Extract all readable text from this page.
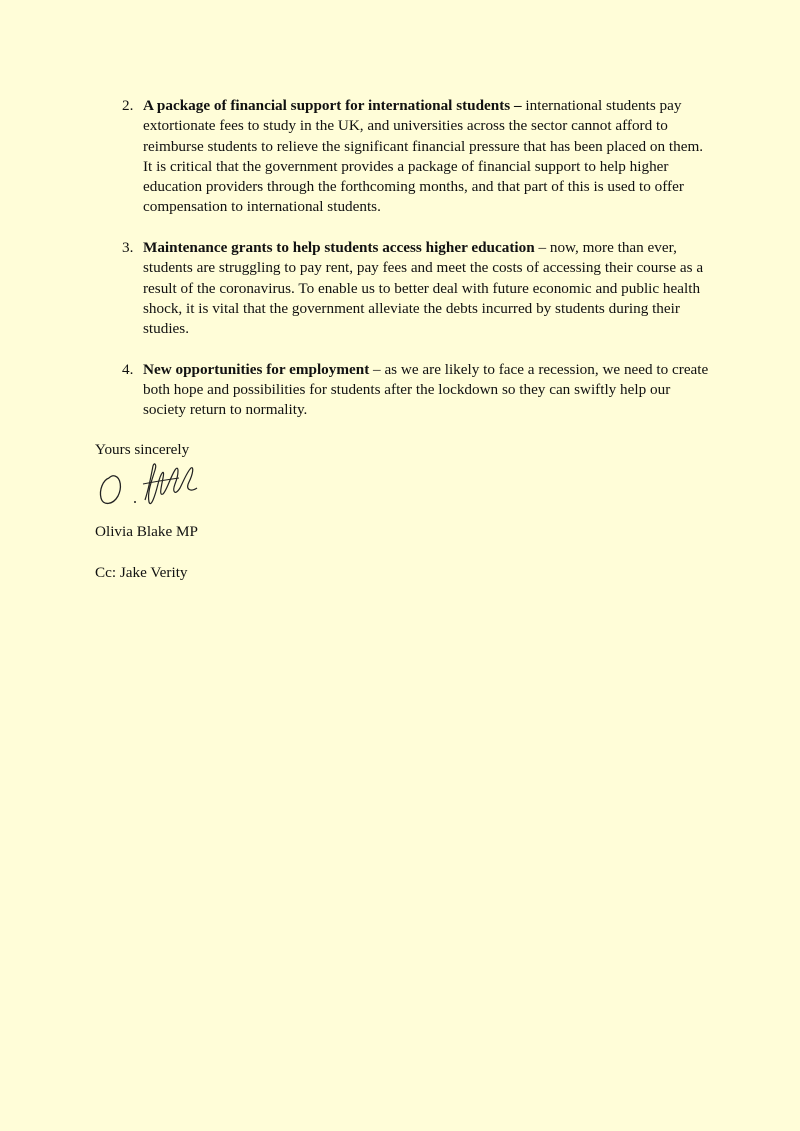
2. A package of financial support for international students – international students pay extortionate fees to study in the UK, and universities across the sector cannot afford to reimburse students to relieve the significant financial pressure that has been placed on them. It is critical that the government provides a package of financial support to help higher education providers through the forthcoming months, and that part of this is used to offer compensation to international students.
3. Maintenance grants to help students access higher education – now, more than ever, students are struggling to pay rent, pay fees and meet the costs of accessing their course as a result of the coronavirus. To enable us to better deal with future economic and public health shock, it is vital that the government alleviate the debts incurred by students during their studies.
4. New opportunities for employment – as we are likely to face a recession, we need to create both hope and possibilities for students after the lockdown so they can swiftly help our society return to normality.
Yours sincerely
Olivia Blake MP
Cc: Jake Verity
